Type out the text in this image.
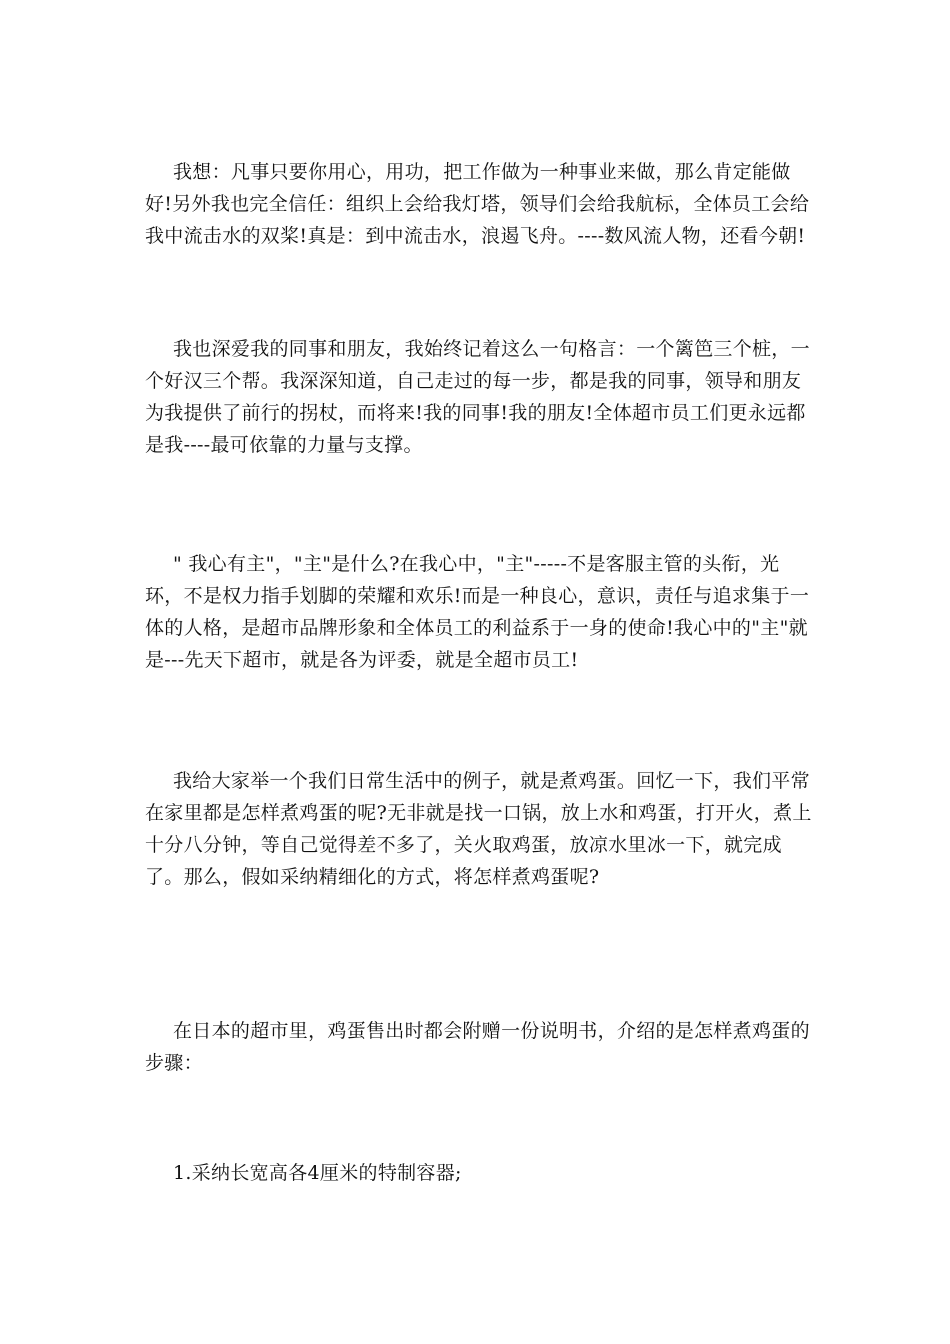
我想：凡事只要你用心，用功，把工作做为一种事业来做，那么肯定能做好!另外我也完全信任：组织上会给我灯塔，领导们会给我航标，全体员工会给我中流击水的双桨!真是：到中流击水，浪遏飞舟。----数风流人物，还看今朝!

我也深爱我的同事和朋友，我始终记着这么一句格言：一个篱笆三个桩，一个好汉三个帮。我深深知道，自己走过的每一步，都是我的同事，领导和朋友为我提供了前行的拐杖，而将来!我的同事!我的朋友!全体超市员工们更永远都是我----最可依靠的力量与支撑。

" 我心有主"，"主"是什么?在我心中，"主"-----不是客服主管的头衔，光环，不是权力指手划脚的荣耀和欢乐!而是一种良心，意识，责任与追求集于一体的人格，是超市品牌形象和全体员工的利益系于一身的使命!我心中的"主"就是---先天下超市，就是各为评委，就是全超市员工!

我给大家举一个我们日常生活中的例子，就是煮鸡蛋。回忆一下，我们平常在家里都是怎样煮鸡蛋的呢?无非就是找一口锅，放上水和鸡蛋，打开火，煮上十分八分钟，等自己觉得差不多了，关火取鸡蛋，放凉水里冰一下，就完成了。那么，假如采纳精细化的方式，将怎样煮鸡蛋呢?

在日本的超市里，鸡蛋售出时都会附赠一份说明书，介绍的是怎样煮鸡蛋的步骤：

1.采纳长宽高各4厘米的特制容器;
